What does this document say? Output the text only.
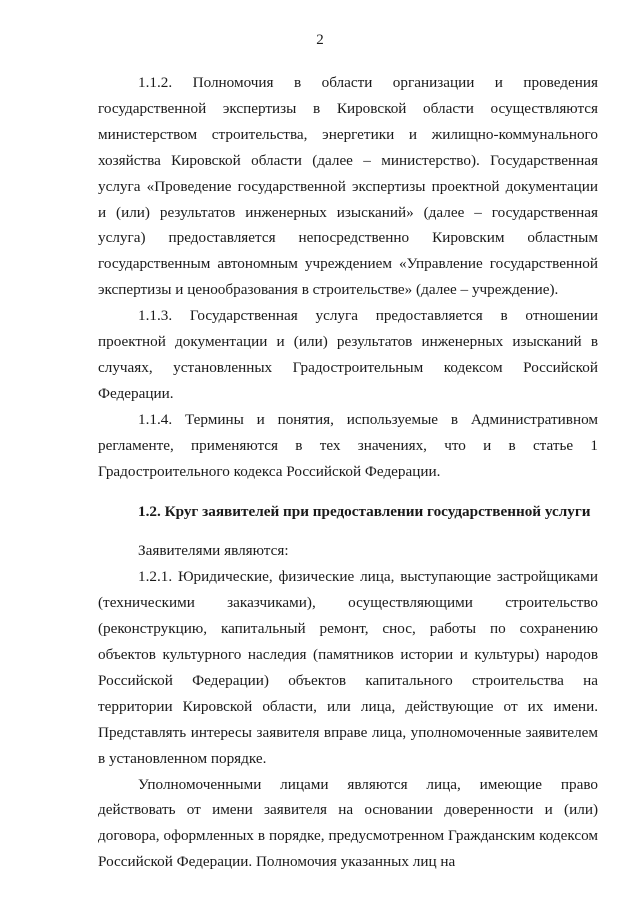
2

1.1.2. Полномочия в области организации и проведения государственной экспертизы в Кировской области осуществляются министерством строительства, энергетики и жилищно-коммунального хозяйства Кировской области (далее – министерство). Государственная услуга «Проведение государственной экспертизы проектной документации и (или) результатов инженерных изысканий» (далее – государственная услуга) предоставляется непосредственно Кировским областным государственным автономным учреждением «Управление государственной экспертизы и ценообразования в строительстве» (далее – учреждение).

1.1.3. Государственная услуга предоставляется в отношении проектной документации и (или) результатов инженерных изысканий в случаях, установленных Градостроительным кодексом Российской Федерации.

1.1.4. Термины и понятия, используемые в Административном регламенте, применяются в тех значениях, что и в статье 1 Градостроительного кодекса Российской Федерации.

1.2. Круг заявителей при предоставлении государственной услуги

Заявителями являются:

1.2.1. Юридические, физические лица, выступающие застройщиками (техническими заказчиками), осуществляющими строительство (реконструкцию, капитальный ремонт, снос, работы по сохранению объектов культурного наследия (памятников истории и культуры) народов Российской Федерации) объектов капитального строительства на территории Кировской области, или лица, действующие от их имени. Представлять интересы заявителя вправе лица, уполномоченные заявителем в установленном порядке.

Уполномоченными лицами являются лица, имеющие право действовать от имени заявителя на основании доверенности и (или) договора, оформленных в порядке, предусмотренном Гражданским кодексом Российской Федерации. Полномочия указанных лиц на
